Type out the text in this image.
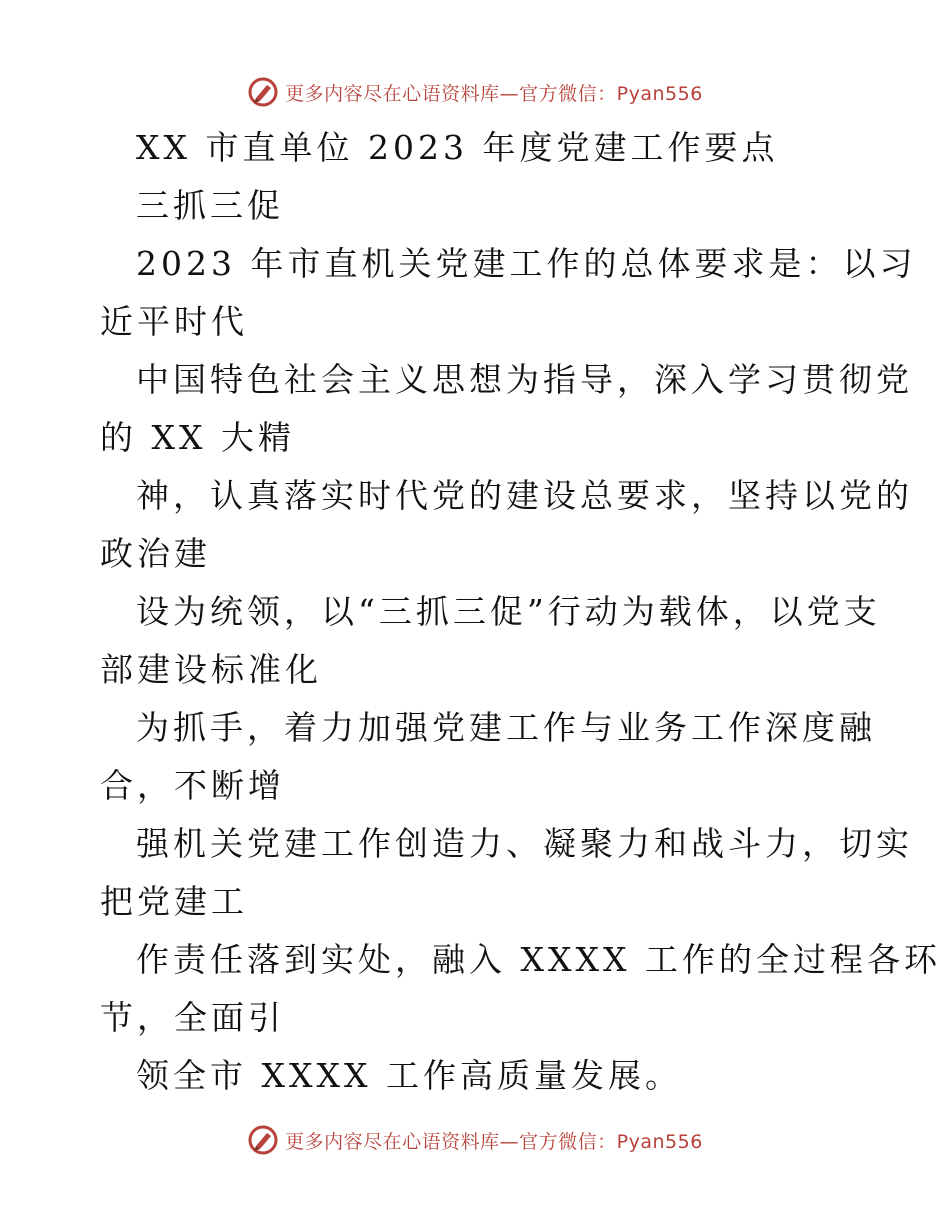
更多内容尽在心语资料库—官方微信：Pyan556
XX 市直单位 2023 年度党建工作要点
三抓三促
2023 年市直机关党建工作的总体要求是：以习
近平时代
中国特色社会主义思想为指导，深入学习贯彻党
的 XX 大精
神，认真落实时代党的建设总要求，坚持以党的
政治建
设为统领，以“三抓三促”行动为载体，以党支
部建设标准化
为抓手，着力加强党建工作与业务工作深度融
合，不断增
强机关党建工作创造力、凝聚力和战斗力，切实
把党建工
作责任落到实处，融入 XXXX 工作的全过程各环
节，全面引
领全市 XXXX 工作高质量发展。
更多内容尽在心语资料库—官方微信：Pyan556
